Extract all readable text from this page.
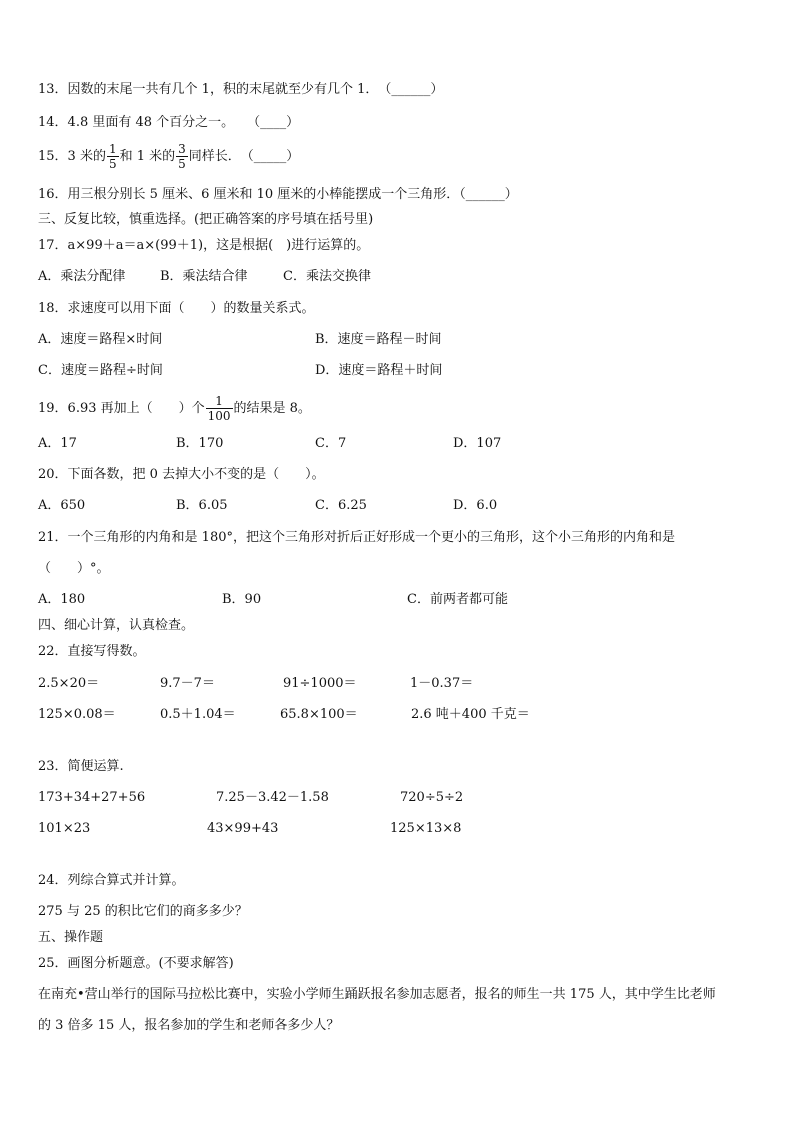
13．因数的末尾一共有几个 1，积的末尾就至少有几个 1．　（______）
14．4.8 里面有 48 个百分之一。　　（____）
15．3 米的 $\frac{1}{5}$ 和 1 米的 $\frac{3}{5}$ 同样长．　（_____）
16．用三根分别长 5 厘米、6 厘米和 10 厘米的小棒能摆成一个三角形．（______）
三、反复比较，慎重选择。(把正确答案的序号填在括号里)
17．a×99＋a＝a×(99＋1)，这是根据(　)进行运算的。
A．乘法分配律	B．乘法结合律	C．乘法交换律
18．求速度可以用下面（　　）的数量关系式。
A．速度＝路程×时间	B．速度＝路程－时间
C．速度＝路程÷时间	D．速度＝路程＋时间
19．6.93 再加上（　　）个 $\frac{1}{100}$ 的结果是 8。
A．17	B．170	C．7	D．107
20．下面各数，把 0 去掉大小不变的是（　　）。
A．650	B．6.05	C．6.25	D．6.0
21．一个三角形的内角和是 180°，把这个三角形对折后正好形成一个更小的三角形，这个小三角形的内角和是
（　　）°。
A．180	B．90	C．前两者都可能
四、细心计算，认真检查。
22．直接写得数。
2.5×20＝	9.7－7＝	91÷1000＝	1－0.37＝
125×0.08＝	0.5＋1.04＝	65.8×100＝	2.6 吨＋400 千克＝
23．简便运算.
173+34+27+56	7.25－3.42－1.58	720÷5÷2
101×23	43×99+43	125×13×8
24．列综合算式并计算。
275 与 25 的积比它们的商多多少？
五、操作题
25．画图分析题意。(不要求解答)
在南充•营山举行的国际马拉松比赛中，实验小学师生踊跃报名参加志愿者，报名的师生一共 175 人，其中学生比老师
的 3 倍多 15 人，报名参加的学生和老师各多少人？
